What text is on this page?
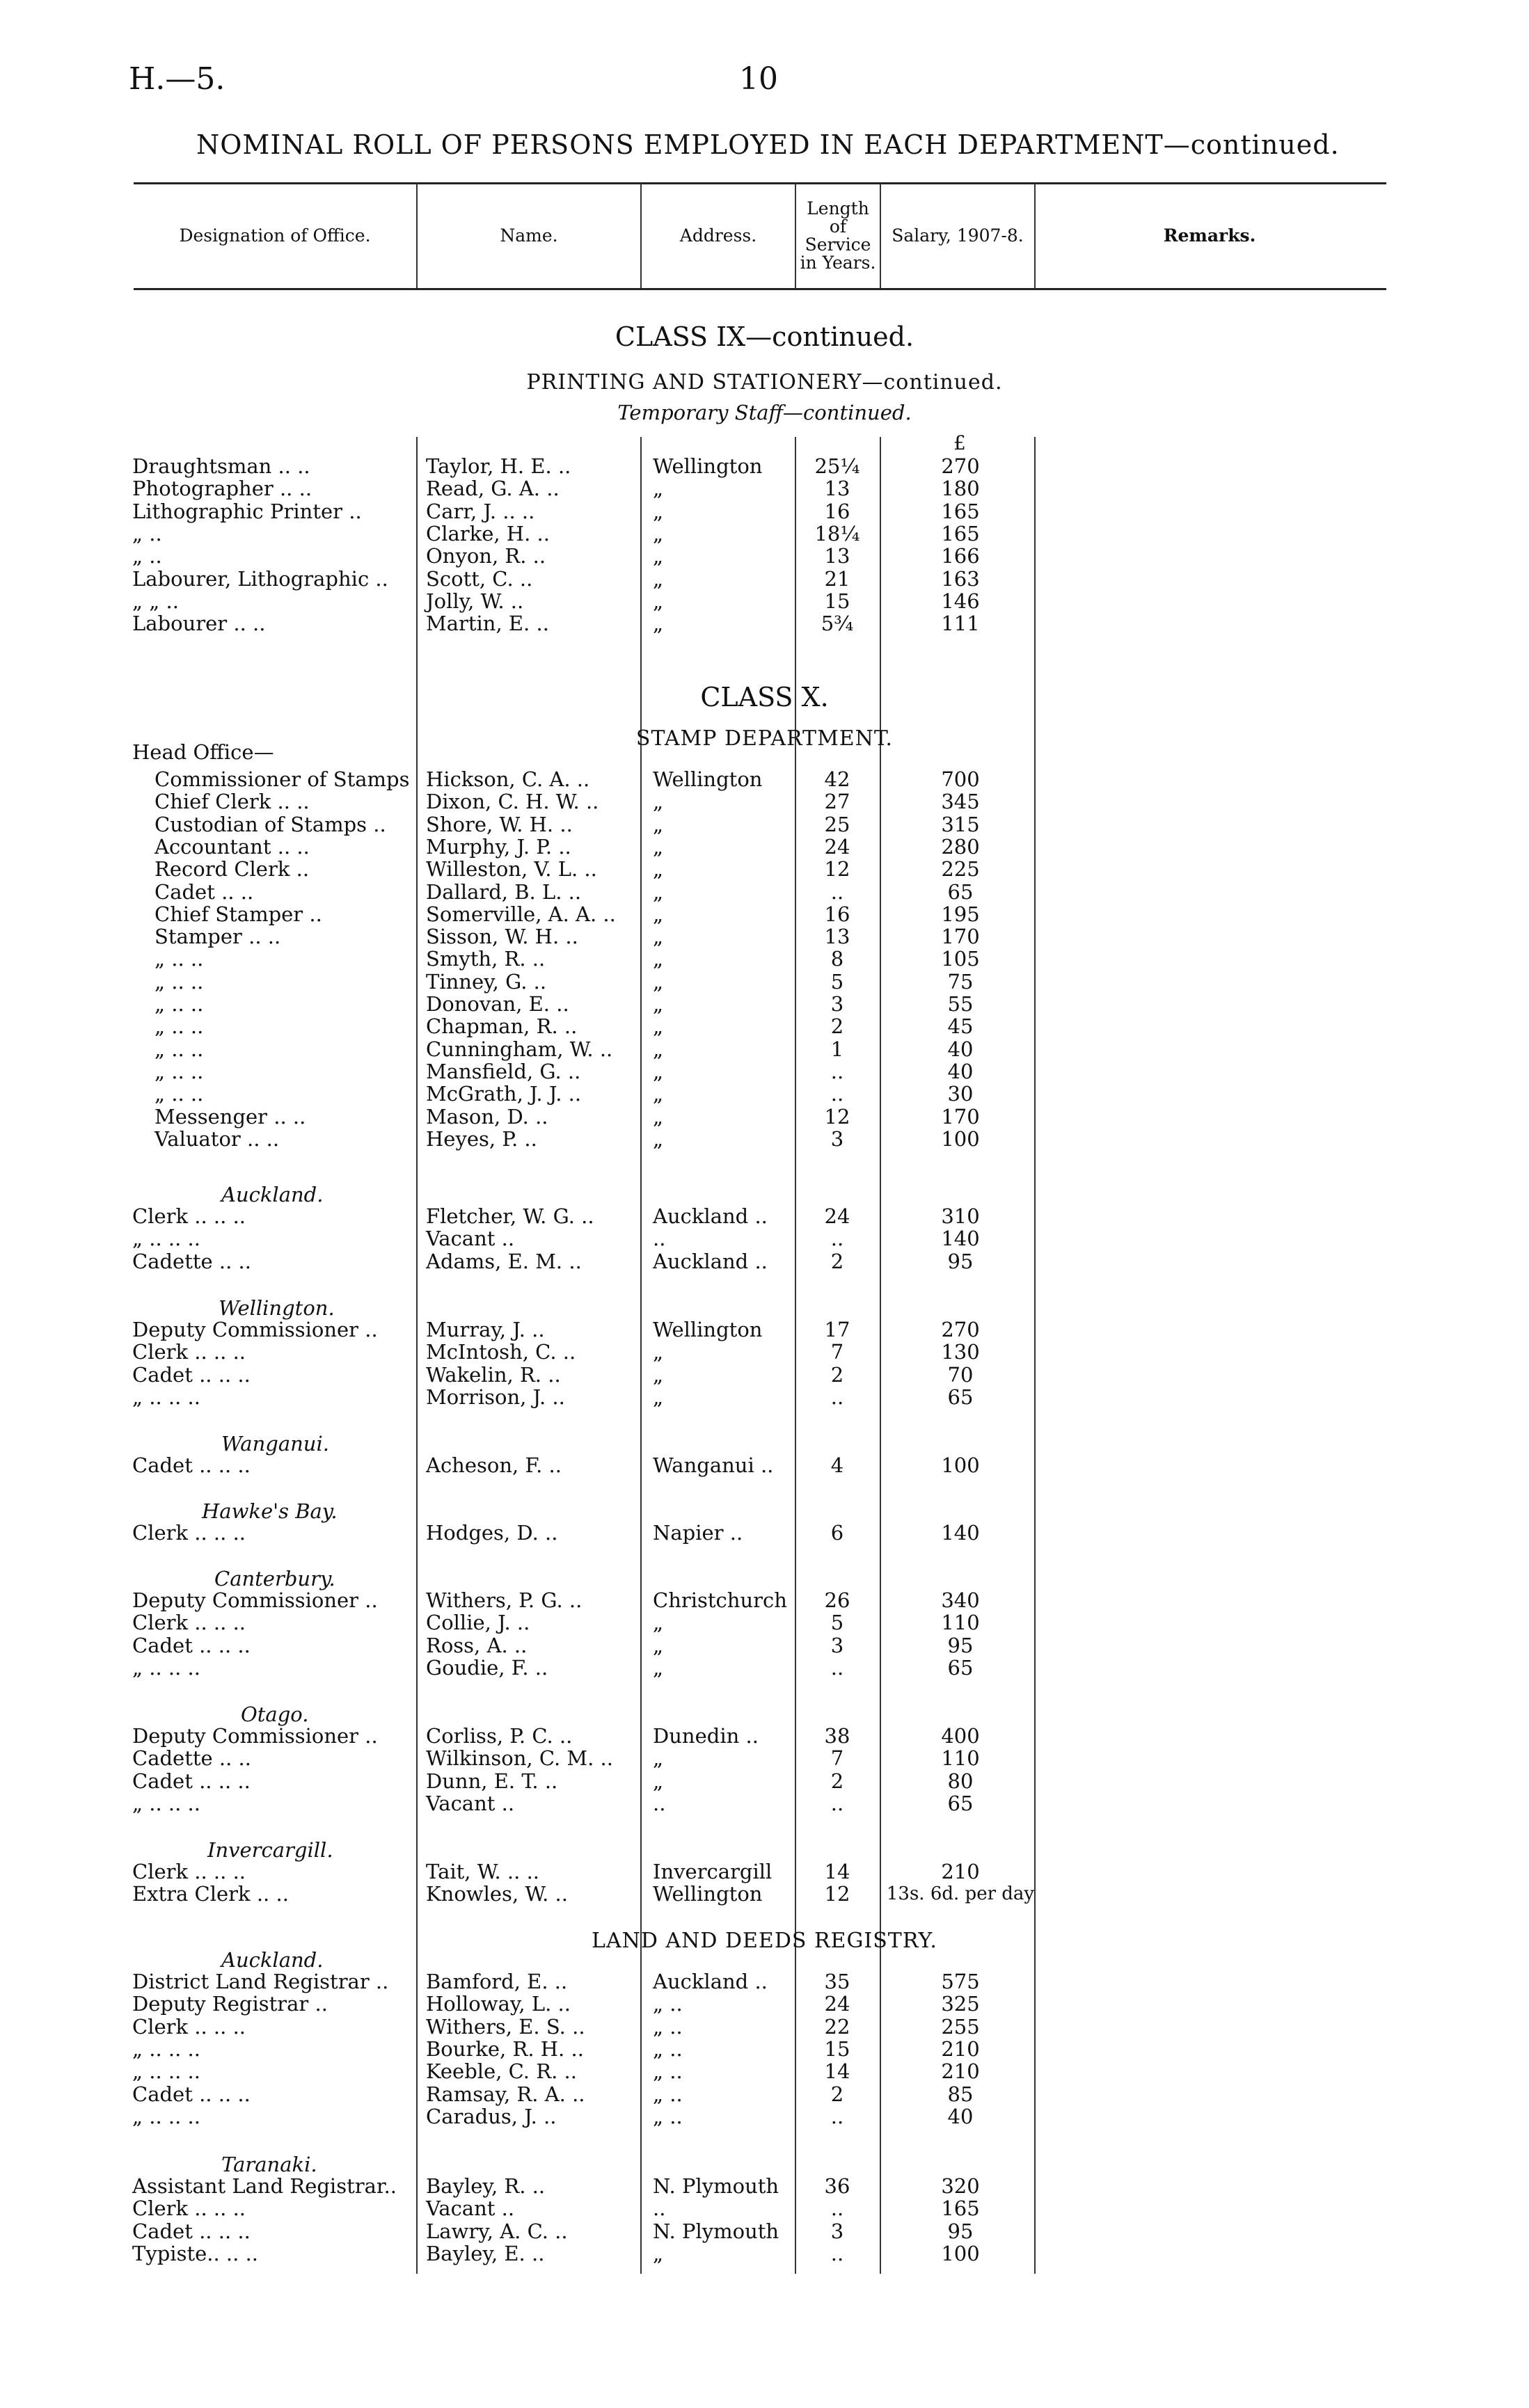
H.—5.	10
NOMINAL ROLL OF PERSONS EMPLOYED IN EACH DEPARTMENT—continued.
Designation of Office.	Name.	Address.
Length of Service in Years.
Salary, 1907-8.	Remarks.
CLASS IX—continued.
PRINTING AND STATIONERY—continued.
Temporary Staff—continued.
£
Draughtsman .. ..	Taylor, H. E. ..	Wellington	25¼	270
Photographer .. ..	Read, G. A. ..	„	13	180
Lithographic Printer ..	Carr, J. .. ..	„	16	165
„ ..	Clarke, H. ..	„	18¼	165
„ ..	Onyon, R. ..	„	13	166
Labourer, Lithographic ..	Scott, C. ..	„	21	163
„ „ ..	Jolly, W. ..	„	15	146
Labourer .. ..	Martin, E. ..	„	5¾	111
CLASS X.
STAMP DEPARTMENT.
Head Office—
Commissioner of Stamps Hickson, C. A. ..	Wellington	42	700
Chief Clerk .. ..	Dixon, C. H. W. ..	„	27	345
Custodian of Stamps ..	Shore, W. H. ..	„	25	315
Accountant .. ..	Murphy, J. P. ..	„	24	280
Record Clerk ..	Willeston, V. L. ..	„	12	225
Cadet .. ..	Dallard, B. L. ..	„	..	65
Chief Stamper ..	Somerville, A. A. ..	„	16	195
Stamper .. ..	Sisson, W. H. ..	„	13	170
„ .. ..	Smyth, R. ..	„	8	105
„ .. ..	Tinney, G. ..	„	5	75
„ .. ..	Donovan, E. ..	„	3	55
„ .. ..	Chapman, R. ..	„	2	45
„ .. ..	Cunningham, W. ..	„	1	40
„ .. ..	Mansfield, G. ..	„	..	40
„ .. ..	McGrath, J. J. ..	„	..	30
Messenger .. ..	Mason, D. ..	„	12	170
Valuator .. ..	Heyes, P. ..	„	3	100
Auckland.
Clerk .. .. ..	Fletcher, W. G. ..	Auckland ..	24	310
„ .. .. ..	Vacant ..	..	..	140
Cadette .. ..	Adams, E. M. ..	Auckland ..	2	95
Wellington.
Deputy Commissioner ..	Murray, J. ..	Wellington	17	270
Clerk .. .. ..	McIntosh, C. ..	„	7	130
Cadet .. .. ..	Wakelin, R. ..	„	2	70
„ .. .. ..	Morrison, J. ..	„	..	65
Wanganui.
Cadet .. .. ..	Acheson, F. ..	Wanganui ..	4	100
Hawke's Bay.
Clerk .. .. ..	Hodges, D. ..	Napier ..	6	140
Canterbury.
Deputy Commissioner ..	Withers, P. G. ..	Christchurch	26	340
Clerk .. .. ..	Collie, J. ..	„	5	110
Cadet .. .. ..	Ross, A. ..	„	3	95
„ .. .. ..	Goudie, F. ..	„	..	65
Otago.
Deputy Commissioner ..	Corliss, P. C. ..	Dunedin ..	38	400
Cadette .. ..	Wilkinson, C. M. ..	„	7	110
Cadet .. .. ..	Dunn, E. T. ..	„	2	80
„ .. .. ..	Vacant ..	..	..	65
Invercargill.
Clerk .. .. ..	Tait, W. .. ..	Invercargill	14	210
Extra Clerk .. ..	Knowles, W. ..	Wellington	12	13s. 6d. per day
LAND AND DEEDS REGISTRY.
Auckland.
District Land Registrar ..	Bamford, E. ..	Auckland ..	35	575
Deputy Registrar ..	Holloway, L. ..	„ ..	24	325
Clerk .. .. ..	Withers, E. S. ..	„ ..	22	255
„ .. .. ..	Bourke, R. H. ..	„ ..	15	210
„ .. .. ..	Keeble, C. R. ..	„ ..	14	210
Cadet .. .. ..	Ramsay, R. A. ..	„ ..	2	85
„ .. .. ..	Caradus, J. ..	„ ..	..	40
Taranaki.
Assistant Land Registrar..	Bayley, R. ..	N. Plymouth	36	320
Clerk .. .. ..	Vacant ..	..	..	165
Cadet .. .. ..	Lawry, A. C. ..	N. Plymouth	3	95
Typiste.. .. ..	Bayley, E. ..	„	..	100
